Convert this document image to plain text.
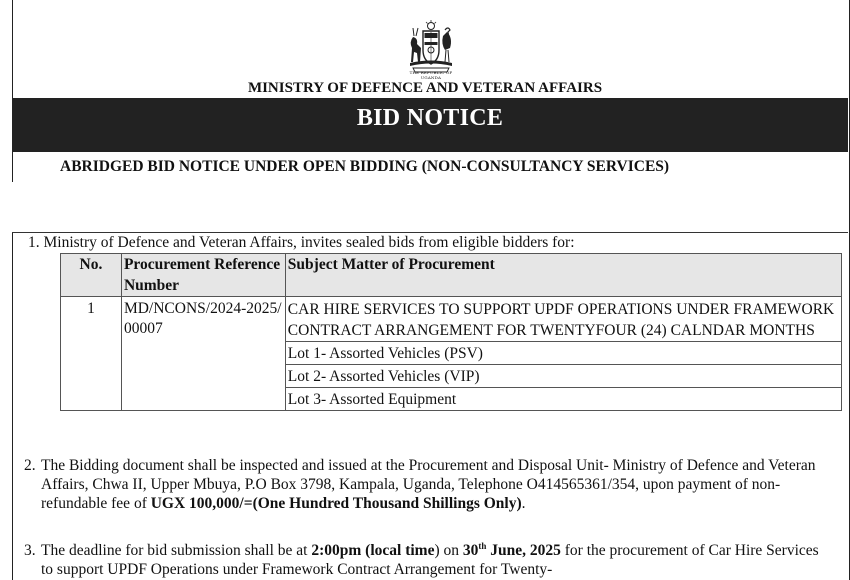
THE REPUBLIC OF UGANDA
MINISTRY OF DEFENCE AND VETERAN AFFAIRS
BID NOTICE
ABRIDGED BID NOTICE UNDER OPEN BIDDING (NON-CONSULTANCY SERVICES)
1. Ministry of Defence and Veteran Affairs, invites sealed bids from eligible bidders for:
No.	Procurement Reference Number	Subject Matter of Procurement
1	MD/NCONS/2024-2025/00007	CAR HIRE SERVICES TO SUPPORT UPDF OPERATIONS UNDER FRAMEWORK CONTRACT ARRANGEMENT FOR TWENTYFOUR (24) CALNDAR MONTHS
		Lot 1- Assorted Vehicles (PSV)
		Lot 2- Assorted Vehicles (VIP)
		Lot 3- Assorted Equipment
2. The Bidding document shall be inspected and issued at the Procurement and Disposal Unit- Ministry of Defence and Veteran Affairs, Chwa II, Upper Mbuya, P.O Box 3798, Kampala, Uganda, Telephone O414565361/354, upon payment of non-refundable fee of UGX 100,000/=(One Hundred Thousand Shillings Only).
3. The deadline for bid submission shall be at 2:00pm (local time) on 30th June, 2025 for the procurement of Car Hire Services to support UPDF Operations under Framework Contract Arrangement for Twenty-
